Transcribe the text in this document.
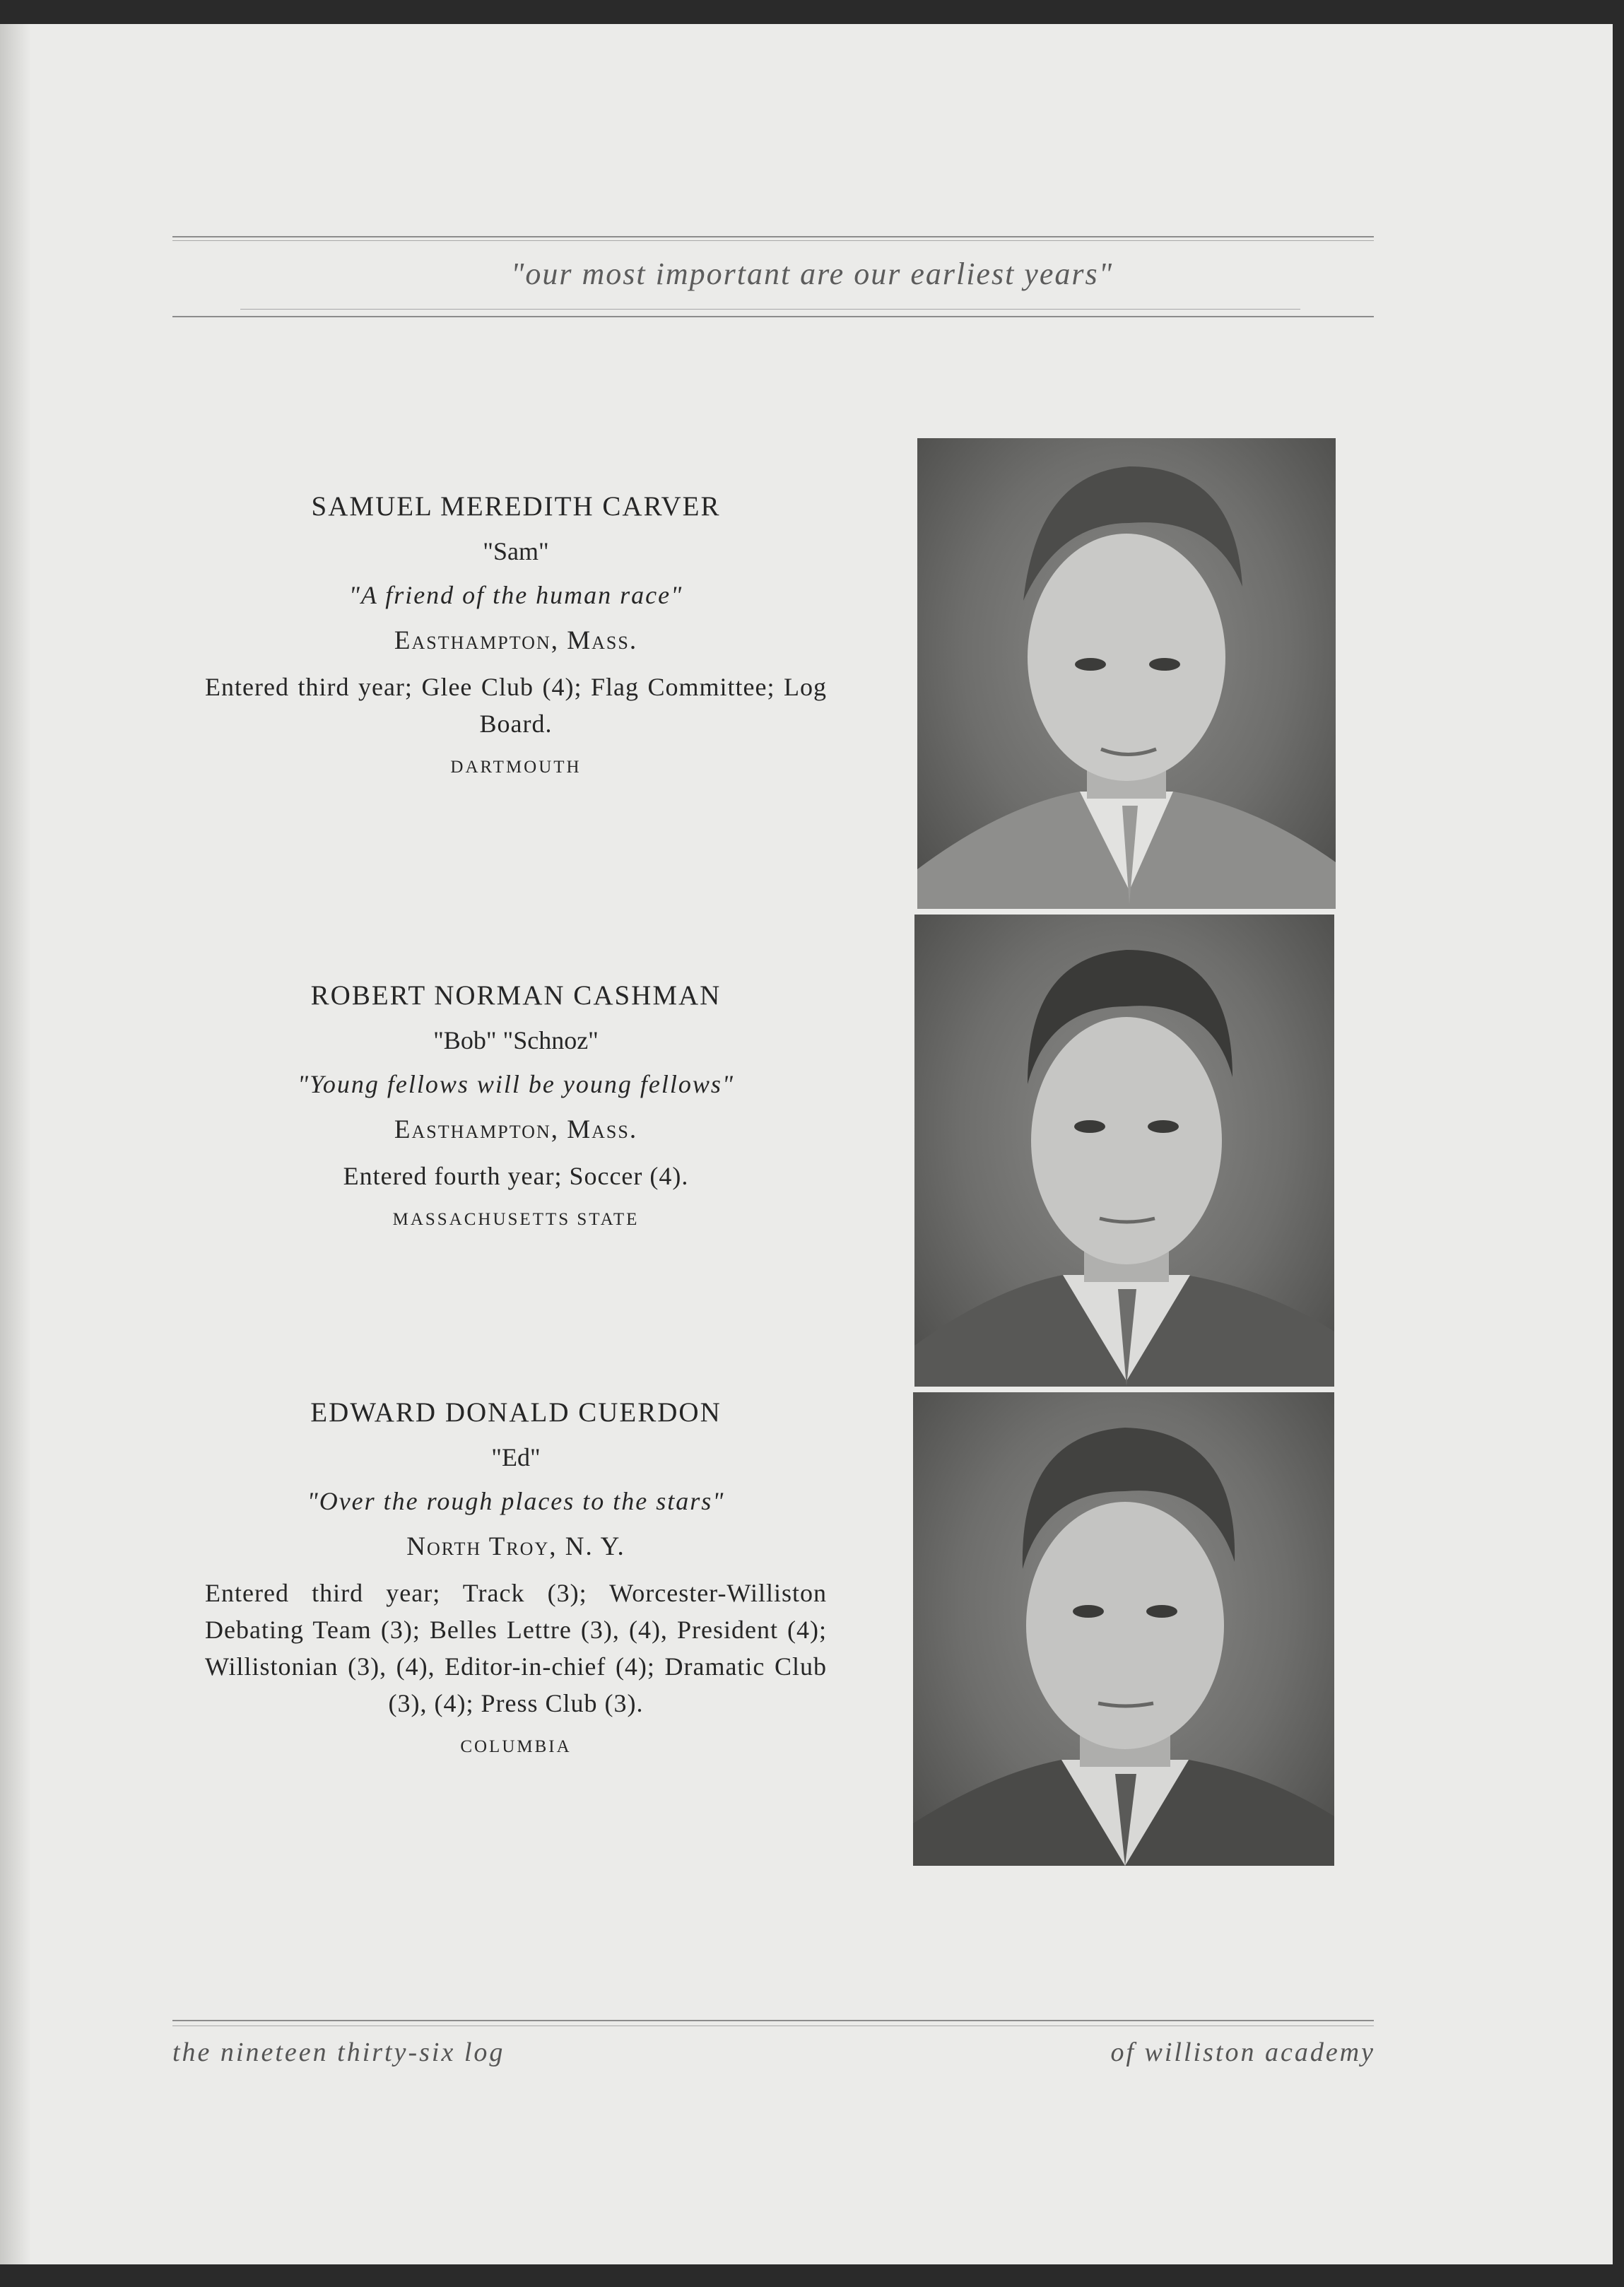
"our most important are our earliest years"
SAMUEL MEREDITH CARVER
"Sam"
"A friend of the human race"
Easthampton, Mass.
Entered third year; Glee Club (4); Flag Committee; Log Board.
DARTMOUTH
ROBERT NORMAN CASHMAN
"Bob" "Schnoz"
"Young fellows will be young fellows"
Easthampton, Mass.
Entered fourth year; Soccer (4).
MASSACHUSETTS STATE
EDWARD DONALD CUERDON
"Ed"
"Over the rough places to the stars"
North Troy, N. Y.
Entered third year; Track (3); Worcester-Williston Debating Team (3); Belles Lettre (3), (4), President (4); Willistonian (3), (4), Editor-in-chief (4); Dramatic Club (3), (4); Press Club (3).
COLUMBIA
the nineteen thirty-six log	of williston academy
